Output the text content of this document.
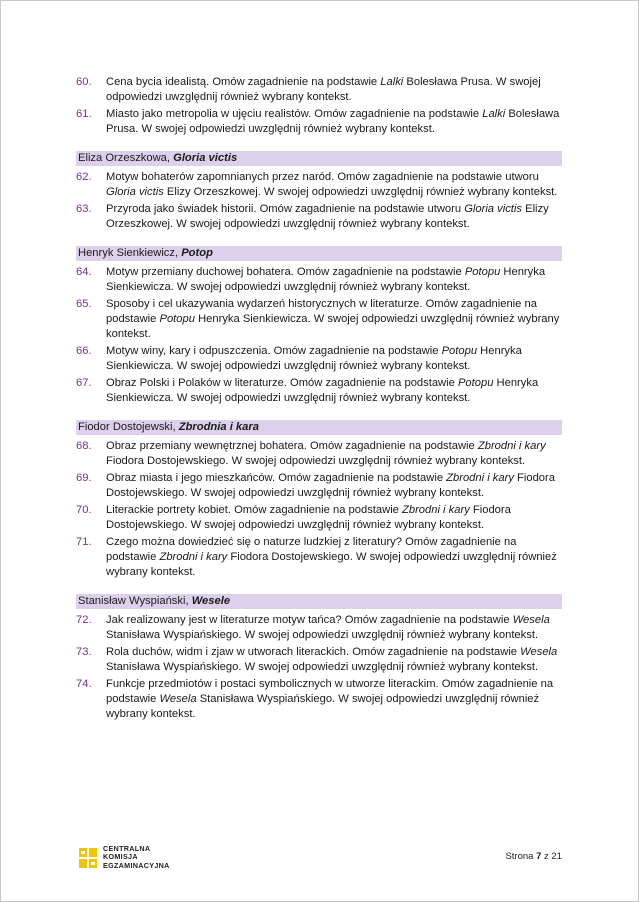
60. Cena bycia idealistą. Omów zagadnienie na podstawie Lalki Bolesława Prusa. W swojej odpowiedzi uwzględnij również wybrany kontekst.
61. Miasto jako metropolia w ujęciu realistów. Omów zagadnienie na podstawie Lalki Bolesława Prusa. W swojej odpowiedzi uwzględnij również wybrany kontekst.
Eliza Orzeszkowa, Gloria victis
62. Motyw bohaterów zapomnianych przez naród. Omów zagadnienie na podstawie utworu Gloria victis Elizy Orzeszkowej. W swojej odpowiedzi uwzględnij również wybrany kontekst.
63. Przyroda jako świadek historii. Omów zagadnienie na podstawie utworu Gloria victis Elizy Orzeszkowej. W swojej odpowiedzi uwzględnij również wybrany kontekst.
Henryk Sienkiewicz, Potop
64. Motyw przemiany duchowej bohatera. Omów zagadnienie na podstawie Potopu Henryka Sienkiewicza. W swojej odpowiedzi uwzględnij również wybrany kontekst.
65. Sposoby i cel ukazywania wydarzeń historycznych w literaturze. Omów zagadnienie na podstawie Potopu Henryka Sienkiewicza. W swojej odpowiedzi uwzględnij również wybrany kontekst.
66. Motyw winy, kary i odpuszczenia. Omów zagadnienie na podstawie Potopu Henryka Sienkiewicza. W swojej odpowiedzi uwzględnij również wybrany kontekst.
67. Obraz Polski i Polaków w literaturze. Omów zagadnienie na podstawie Potopu Henryka Sienkiewicza. W swojej odpowiedzi uwzględnij również wybrany kontekst.
Fiodor Dostojewski, Zbrodnia i kara
68. Obraz przemiany wewnętrznej bohatera. Omów zagadnienie na podstawie Zbrodni i kary Fiodora Dostojewskiego. W swojej odpowiedzi uwzględnij również wybrany kontekst.
69. Obraz miasta i jego mieszkańców. Omów zagadnienie na podstawie Zbrodni i kary Fiodora Dostojewskiego. W swojej odpowiedzi uwzględnij również wybrany kontekst.
70. Literackie portrety kobiet. Omów zagadnienie na podstawie Zbrodni i kary Fiodora Dostojewskiego. W swojej odpowiedzi uwzględnij również wybrany kontekst.
71. Czego można dowiedzieć się o naturze ludzkiej z literatury? Omów zagadnienie na podstawie Zbrodni i kary Fiodora Dostojewskiego. W swojej odpowiedzi uwzględnij również wybrany kontekst.
Stanisław Wyspiański, Wesele
72. Jak realizowany jest w literaturze motyw tańca? Omów zagadnienie na podstawie Wesela Stanisława Wyspiańskiego. W swojej odpowiedzi uwzględnij również wybrany kontekst.
73. Rola duchów, widm i zjaw w utworach literackich. Omów zagadnienie na podstawie Wesela Stanisława Wyspiańskiego. W swojej odpowiedzi uwzględnij również wybrany kontekst.
74. Funkcje przedmiotów i postaci symbolicznych w utworze literackim. Omów zagadnienie na podstawie Wesela Stanisława Wyspiańskiego. W swojej odpowiedzi uwzględnij również wybrany kontekst.
CENTRALNA
KOMISJA
EGZAMINACYJNA
Strona 7 z 21
